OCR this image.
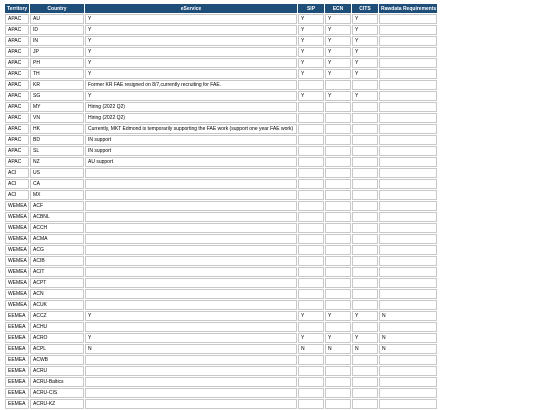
Territory	Country	eService	SIP	ECN	CITS	Rawdata Requirements
APAC	AU	Y	Y	Y	Y	
APAC	ID	Y	Y	Y	Y	
APAC	IN	Y	Y	Y	Y	
APAC	JP	Y	Y	Y	Y	
APAC	PH	Y	Y	Y	Y	
APAC	TH	Y	Y	Y	Y	
APAC	KR	Former KR FAE resigned on 8/7,currently recruiting for FAE.				
APAC	SG	Y	Y	Y	Y	
APAC	MY	Hiring (2022 Q2)				
APAC	VN	Hiring (2022 Q2)				
APAC	HK	Currently, MKT Edmond is temporarily supporting the FAE work (support one year FAE work)				
APAC	BD	IN support				
APAC	SL	IN support				
APAC	NZ	AU support				
ACI	US					
ACI	CA					
ACI	MX					
WEMEA	ACF					
WEMEA	ACBNL					
WEMEA	ACCH					
WEMEA	ACMA					
WEMEA	ACG					
WEMEA	ACIB					
WEMEA	ACIT					
WEMEA	ACPT					
WEMEA	ACN					
WEMEA	ACUK					
EEMEA	ACCZ	Y	Y	Y	Y	N
EEMEA	ACHU					
EEMEA	ACRO	Y	Y	Y	Y	N
EEMEA	ACPL	N	N	N	N	N
EEMEA	ACWB					
EEMEA	ACRU					
EEMEA	ACRU-Baltics					
EEMEA	ACRU-CIS					
EEMEA	ACRU-KZ					
